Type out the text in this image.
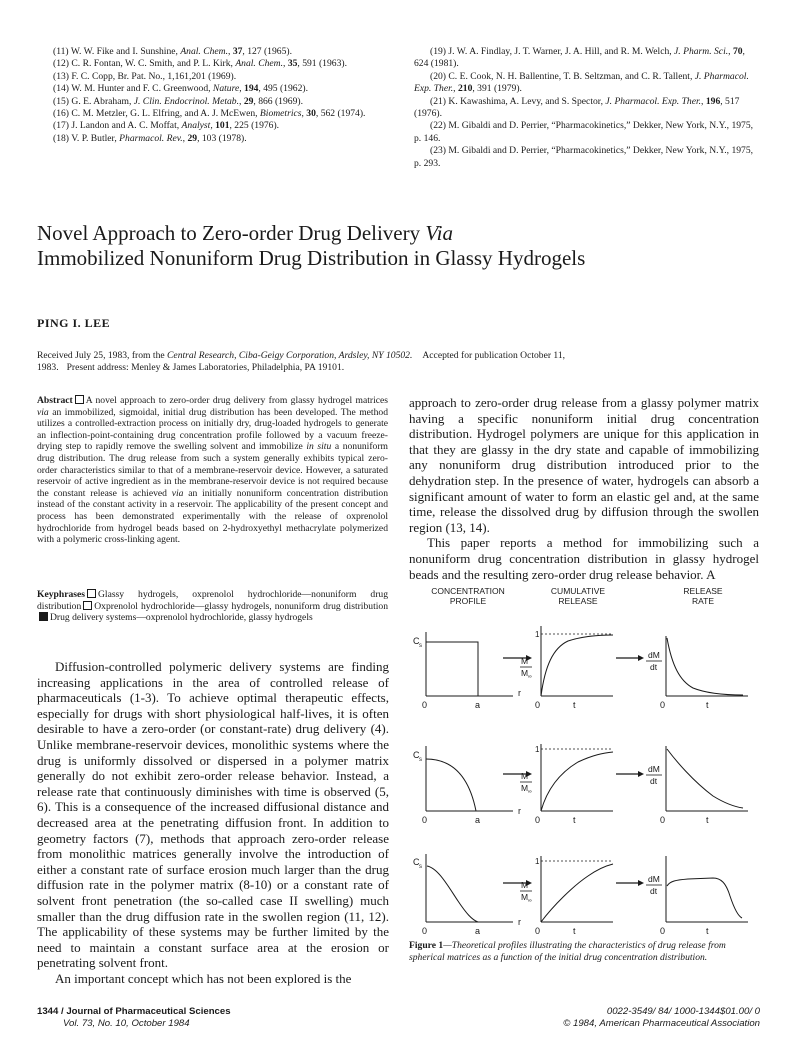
(11) W. W. Fike and I. Sunshine, Anal. Chem., 37, 127 (1965).

(12) C. R. Fontan, W. C. Smith, and P. L. Kirk, Anal. Chem., 35, 591 (1963).

(13) F. C. Copp, Br. Pat. No., 1,161,201 (1969).

(14) W. M. Hunter and F. C. Greenwood, Nature, 194, 495 (1962).

(15) G. E. Abraham, J. Clin. Endocrinol. Metab., 29, 866 (1969).

(16) C. M. Metzler, G. L. Elfring, and A. J. McEwen, Biometrics, 30, 562 (1974).

(17) J. Landon and A. C. Moffat, Analyst, 101, 225 (1976).

(18) V. P. Butler, Pharmacol. Rev., 29, 103 (1978).

(19) J. W. A. Findlay, J. T. Warner, J. A. Hill, and R. M. Welch, J. Pharm. Sci., 70, 624 (1981).

(20) C. E. Cook, N. H. Ballentine, T. B. Seltzman, and C. R. Tallent, J. Pharmacol. Exp. Ther., 210, 391 (1979).

(21) K. Kawashima, A. Levy, and S. Spector, J. Pharmacol. Exp. Ther., 196, 517 (1976).

(22) M. Gibaldi and D. Perrier, “Pharmacokinetics,” Dekker, New York, N.Y., 1975, p. 146.

(23) M. Gibaldi and D. Perrier, “Pharmacokinetics,” Dekker, New York, N.Y., 1975, p. 293.

Novel Approach to Zero-order Drug Delivery Via
Immobilized Nonuniform Drug Distribution in Glassy Hydrogels
PING I. LEE
Received July 25, 1983, from the Central Research, Ciba-Geigy Corporation, Ardsley, NY 10502. Accepted for publication October 11,
1983. Present address: Menley & James Laboratories, Philadelphia, PA 19101.
Abstract A novel approach to zero-order drug delivery from glassy hydrogel matrices via an immobilized, sigmoidal, initial drug distribution has been developed. The method utilizes a controlled-extraction process on initially dry, drug-loaded hydrogels to generate an inflection-point-containing drug concentration profile followed by a vacuum freeze-drying step to rapidly remove the swelling solvent and immobilize in situ a nonuniform drug distribution. The drug release from such a system generally exhibits typical zero-order characteristics similar to that of a membrane-reservoir device. However, a saturated reservoir of active ingredient as in the membrane-reservoir device is not required because the constant release is achieved via an initially nonuniform concentration distribution instead of the constant activity in a reservoir. The applicability of the present concept and process has been demonstrated experimentally with the release of oxprenolol hydrochloride from hydrogel beads based on 2-hydroxyethyl methacrylate polymerized with a polymeric cross-linking agent.
Keyphrases Glassy hydrogels, oxprenolol hydrochloride—nonuniform drug distribution Oxprenolol hydrochloride—glassy hydrogels, nonuniform drug distributionDrug delivery systems—oxprenolol hydrochloride, glassy hydrogels

Diffusion-controlled polymeric delivery systems are finding increasing applications in the area of controlled release of pharmaceuticals (1-3). To achieve optimal therapeutic effects, especially for drugs with short physiological half-lives, it is often desirable to have a zero-order (or constant-rate) drug delivery (4). Unlike membrane-reservoir devices, monolithic systems where the drug is uniformly dissolved or dispersed in a polymer matrix generally do not exhibit zero-order release behavior. Instead, a release rate that continuously diminishes with time is observed (5, 6). This is a consequence of the increased diffusional distance and decreased area at the penetrating diffusion front. In addition to geometry factors (7), methods that approach zero-order release from monolithic matrices generally involve the introduction of either a constant rate of surface erosion much larger than the drug diffusion rate in the polymer matrix (8-10) or a constant rate of solvent front penetration (the so-called case II swelling) much smaller than the drug diffusion rate in the swollen region (11, 12). The applicability of these systems may be further limited by the need to maintain a constant surface area at the erosion or penetrating solvent front.

An important concept which has not been explored is the

approach to zero-order drug release from a glassy polymer matrix having a specific nonuniform initial drug concentration distribution. Hydrogel polymers are unique for this application in that they are glassy in the dry state and capable of immobilizing any nonuniform drug distribution introduced prior to the dehydration step. In the presence of water, hydrogels can absorb a significant amount of water to form an elastic gel and, at the same time, release the dissolved drug by diffusion through the swollen region (13, 14).

This paper reports a method for immobilizing such a nonuniform drug concentration distribution in glassy hydrogel beads and the resulting zero-order drug release behavior. A

CONCENTRATION
PROFILE
CUMULATIVE
RELEASE
RELEASE
RATE
C s
0	a
r
1
0	t
M
M ∞
dM
dt
0	t
C s
0	a
r
1
0	t
M
M ∞
dM
dt
0	t
C s
0	a
r
1
0	t
M
M ∞
dM
dt
0	t
Figure 1—Theoretical profiles illustrating the characteristics of drug release from spherical matrices as a function of the initial drug concentration distribution.
1344 / Journal of Pharmaceutical Sciences
Vol. 73, No. 10, October 1984
0022-3549/ 84/ 1000-1344$01.00/ 0
© 1984, American Pharmaceutical Association
